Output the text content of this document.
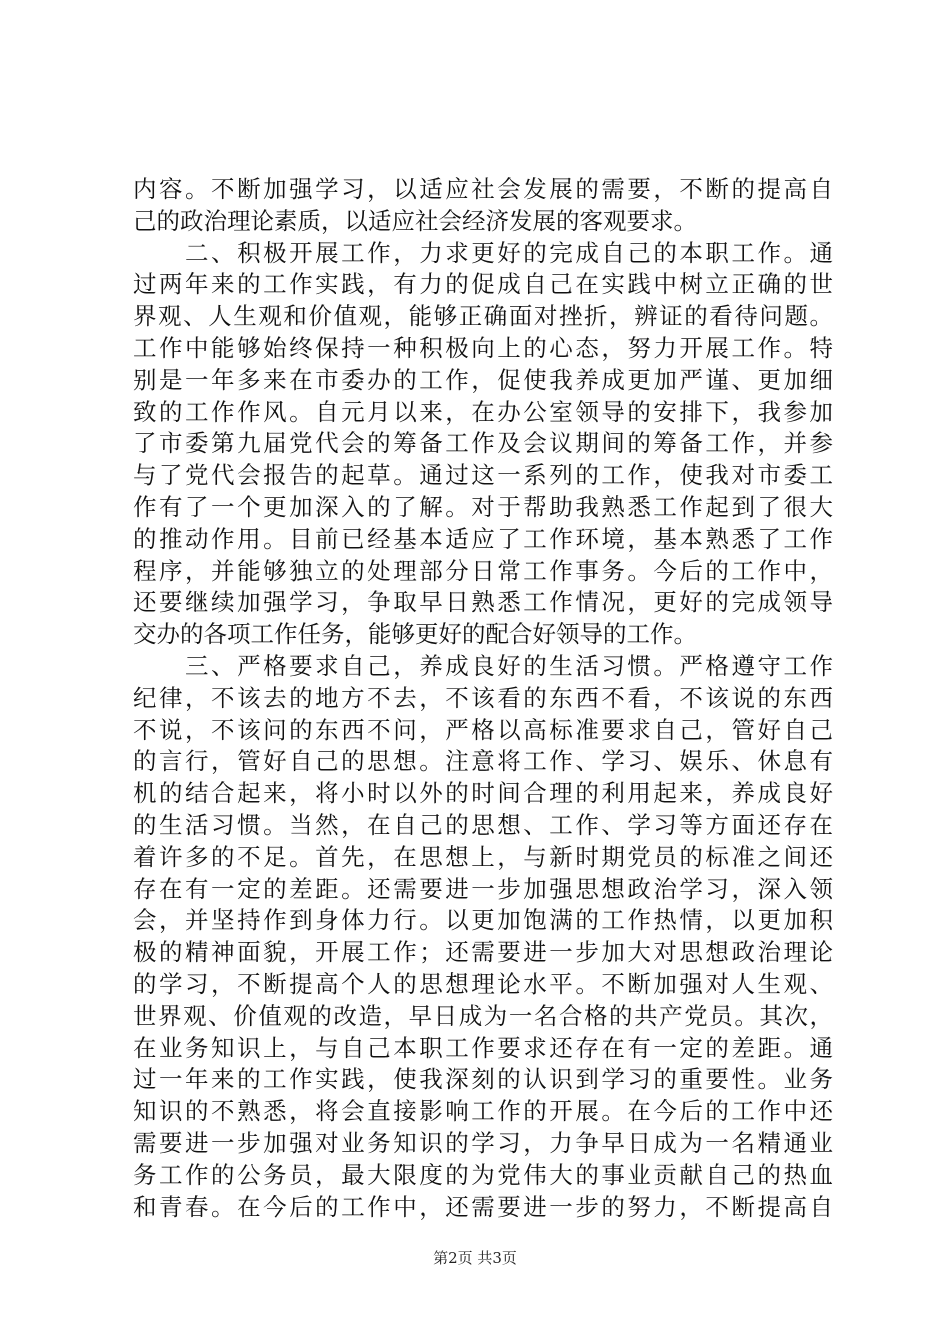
内容。不断加强学习，以适应社会发展的需要，不断的提高自
己的政治理论素质，以适应社会经济发展的客观要求。
　　二、积极开展工作，力求更好的完成自己的本职工作。通
过两年来的工作实践，有力的促成自己在实践中树立正确的世
界观、人生观和价值观，能够正确面对挫折，辨证的看待问题。
工作中能够始终保持一种积极向上的心态，努力开展工作。特
别是一年多来在市委办的工作，促使我养成更加严谨、更加细
致的工作作风。自元月以来，在办公室领导的安排下，我参加
了市委第九届党代会的筹备工作及会议期间的筹备工作，并参
与了党代会报告的起草。通过这一系列的工作，使我对市委工
作有了一个更加深入的了解。对于帮助我熟悉工作起到了很大
的推动作用。目前已经基本适应了工作环境，基本熟悉了工作
程序，并能够独立的处理部分日常工作事务。今后的工作中，
还要继续加强学习，争取早日熟悉工作情况，更好的完成领导
交办的各项工作任务，能够更好的配合好领导的工作。
　　三、严格要求自己，养成良好的生活习惯。严格遵守工作
纪律，不该去的地方不去，不该看的东西不看，不该说的东西
不说，不该问的东西不问，严格以高标准要求自己，管好自己
的言行，管好自己的思想。注意将工作、学习、娱乐、休息有
机的结合起来，将小时以外的时间合理的利用起来，养成良好
的生活习惯。当然，在自己的思想、工作、学习等方面还存在
着许多的不足。首先，在思想上，与新时期党员的标准之间还
存在有一定的差距。还需要进一步加强思想政治学习，深入领
会，并坚持作到身体力行。以更加饱满的工作热情，以更加积
极的精神面貌，开展工作；还需要进一步加大对思想政治理论
的学习，不断提高个人的思想理论水平。不断加强对人生观、
世界观、价值观的改造，早日成为一名合格的共产党员。其次，
在业务知识上，与自己本职工作要求还存在有一定的差距。通
过一年来的工作实践，使我深刻的认识到学习的重要性。业务
知识的不熟悉，将会直接影响工作的开展。在今后的工作中还
需要进一步加强对业务知识的学习，力争早日成为一名精通业
务工作的公务员，最大限度的为党伟大的事业贡献自己的热血
和青春。在今后的工作中，还需要进一步的努力，不断提高自
第2页 共3页
